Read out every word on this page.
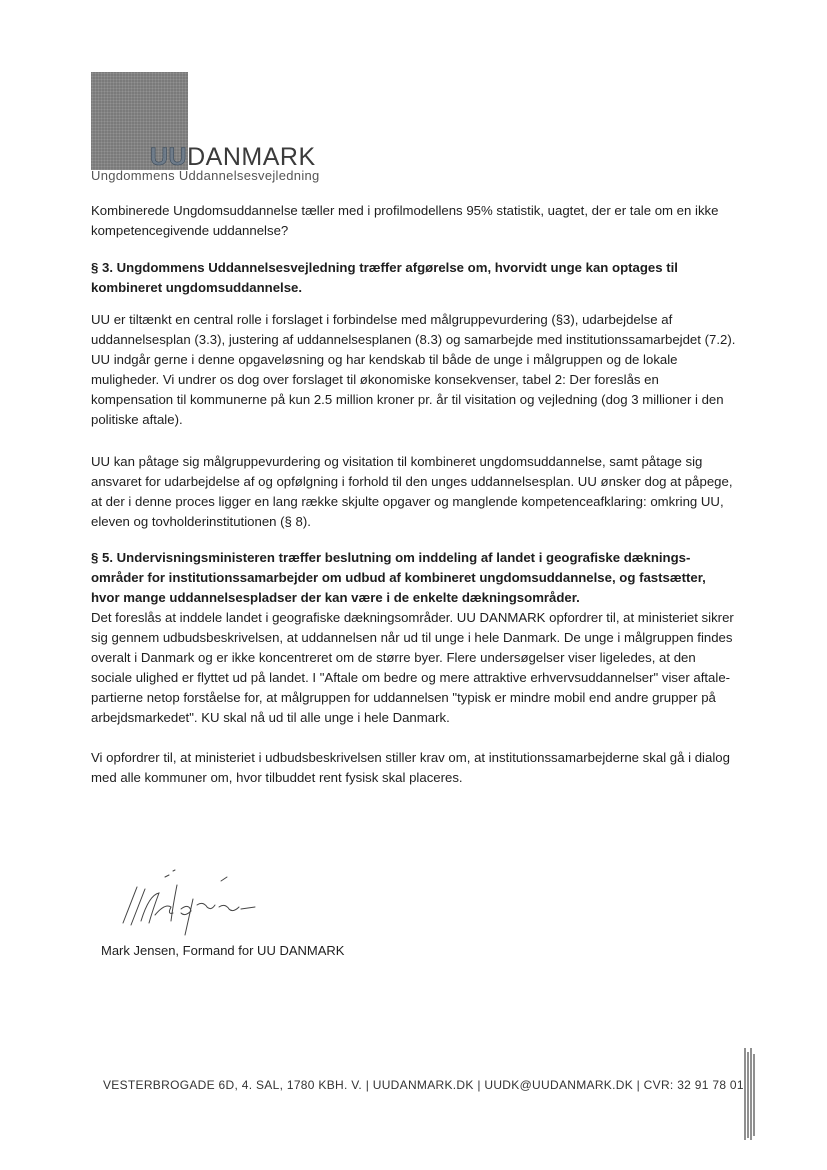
UUDANMARK
Ungdommens Uddannelsesvejledning

Kombinerede Ungdomsuddannelse tæller med i profilmodellens 95% statistik, uagtet, der er tale om en ikke kompetencegivende uddannelse?

§ 3. Ungdommens Uddannelsesvejledning træffer afgørelse om, hvorvidt unge kan optages til kombineret ungdomsuddannelse.

UU er tiltænkt en central rolle i forslaget i forbindelse med målgruppevurdering (§3), udarbejdelse af uddannelsesplan (3.3), justering af uddannelsesplanen (8.3) og samarbejde med institutionssamarbejdet (7.2). UU indgår gerne i denne opgaveløsning og har kendskab til både de unge i målgruppen og de lokale muligheder. Vi undrer os dog over forslaget til økonomiske konsekvenser, tabel 2: Der foreslås en kompensation til kommunerne på kun 2.5 million kroner pr. år til visitation og vejledning (dog 3 millioner i den politiske aftale).

UU kan påtage sig målgruppevurdering og visitation til kombineret ungdomsuddannelse, samt påtage sig ansvaret for udarbejdelse af og opfølgning i forhold til den unges uddannelsesplan. UU ønsker dog at påpege, at der i denne proces ligger en lang række skjulte opgaver og manglende kompetenceafklaring: omkring UU, eleven og tovholderinstitutionen (§ 8).

§ 5. Undervisningsministeren træffer beslutning om inddeling af landet i geografiske dæknings-områder for institutionssamarbejder om udbud af kombineret ungdomsuddannelse, og fastsætter, hvor mange uddannelsespladser der kan være i de enkelte dækningsområder.

Det foreslås at inddele landet i geografiske dækningsområder. UU DANMARK opfordrer til, at ministeriet sikrer sig gennem udbudsbeskrivelsen, at uddannelsen når ud til unge i hele Danmark. De unge i målgruppen findes overalt i Danmark og er ikke koncentreret om de større byer. Flere undersøgelser viser ligeledes, at den sociale ulighed er flyttet ud på landet. I "Aftale om bedre og mere attraktive erhvervsuddannelser" viser aftale-partierne netop forståelse for, at målgruppen for uddannelsen "typisk er mindre mobil end andre grupper på arbejdsmarkedet". KU skal nå ud til alle unge i hele Danmark.

Vi opfordrer til, at ministeriet i udbudsbeskrivelsen stiller krav om, at institutionssamarbejderne skal gå i dialog med alle kommuner om, hvor tilbuddet rent fysisk skal placeres.

Mark Jensen, Formand for UU DANMARK
VESTERBROGADE 6D, 4. SAL, 1780 KBH. V. | UUDANMARK.DK | UUDK@UUDANMARK.DK | CVR: 32 91 78 01
